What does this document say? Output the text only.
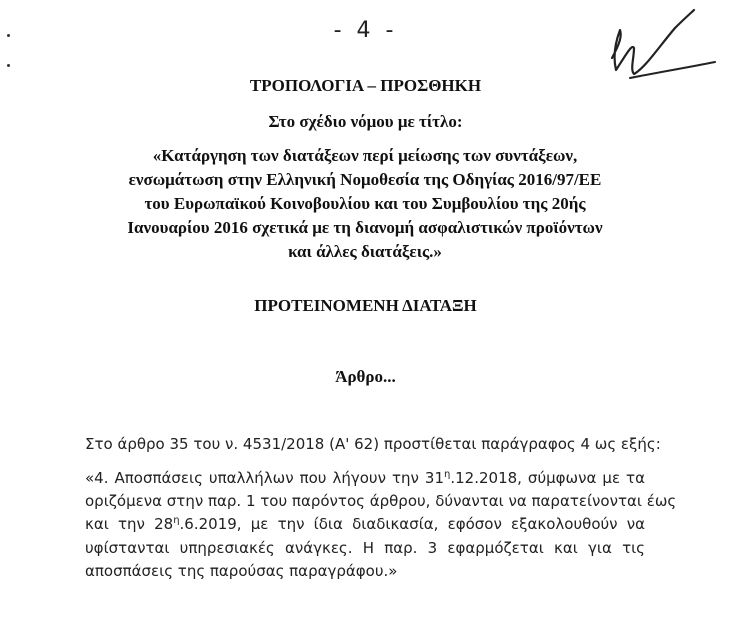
- 4 -
ΤΡΟΠΟΛΟΓΙΑ – ΠΡΟΣΘΗΚΗ
Στο σχέδιο νόμου με τίτλο:
«Κατάργηση των διατάξεων περί μείωσης των συντάξεων,
ενσωμάτωση στην Ελληνική Νομοθεσία της Οδηγίας 2016/97/ΕΕ
του Ευρωπαϊκού Κοινοβουλίου και του Συμβουλίου της 20ής
Ιανουαρίου 2016 σχετικά με τη διανομή ασφαλιστικών προϊόντων
και άλλες διατάξεις.»
ΠΡΟΤΕΙΝΟΜΕΝΗ ΔΙΑΤΑΞΗ
Άρθρο...
Στο άρθρο 35 του ν. 4531/2018 (Α' 62) προστίθεται παράγραφος 4 ως εξής:
«4. Αποσπάσεις υπαλλήλων που λήγουν την $31^\eta.12.2018$, σύμφωνα με τα
οριζόμενα στην παρ. 1 του παρόντος άρθρου, δύνανται να παρατείνονται έως
και την $28^\eta.6.2019$, με την ίδια διαδικασία, εφόσον εξακολουθούν να
υφίστανται υπηρεσιακές ανάγκες. Η παρ. 3 εφαρμόζεται και για τις
αποσπάσεις της παρούσας παραγράφου.»
